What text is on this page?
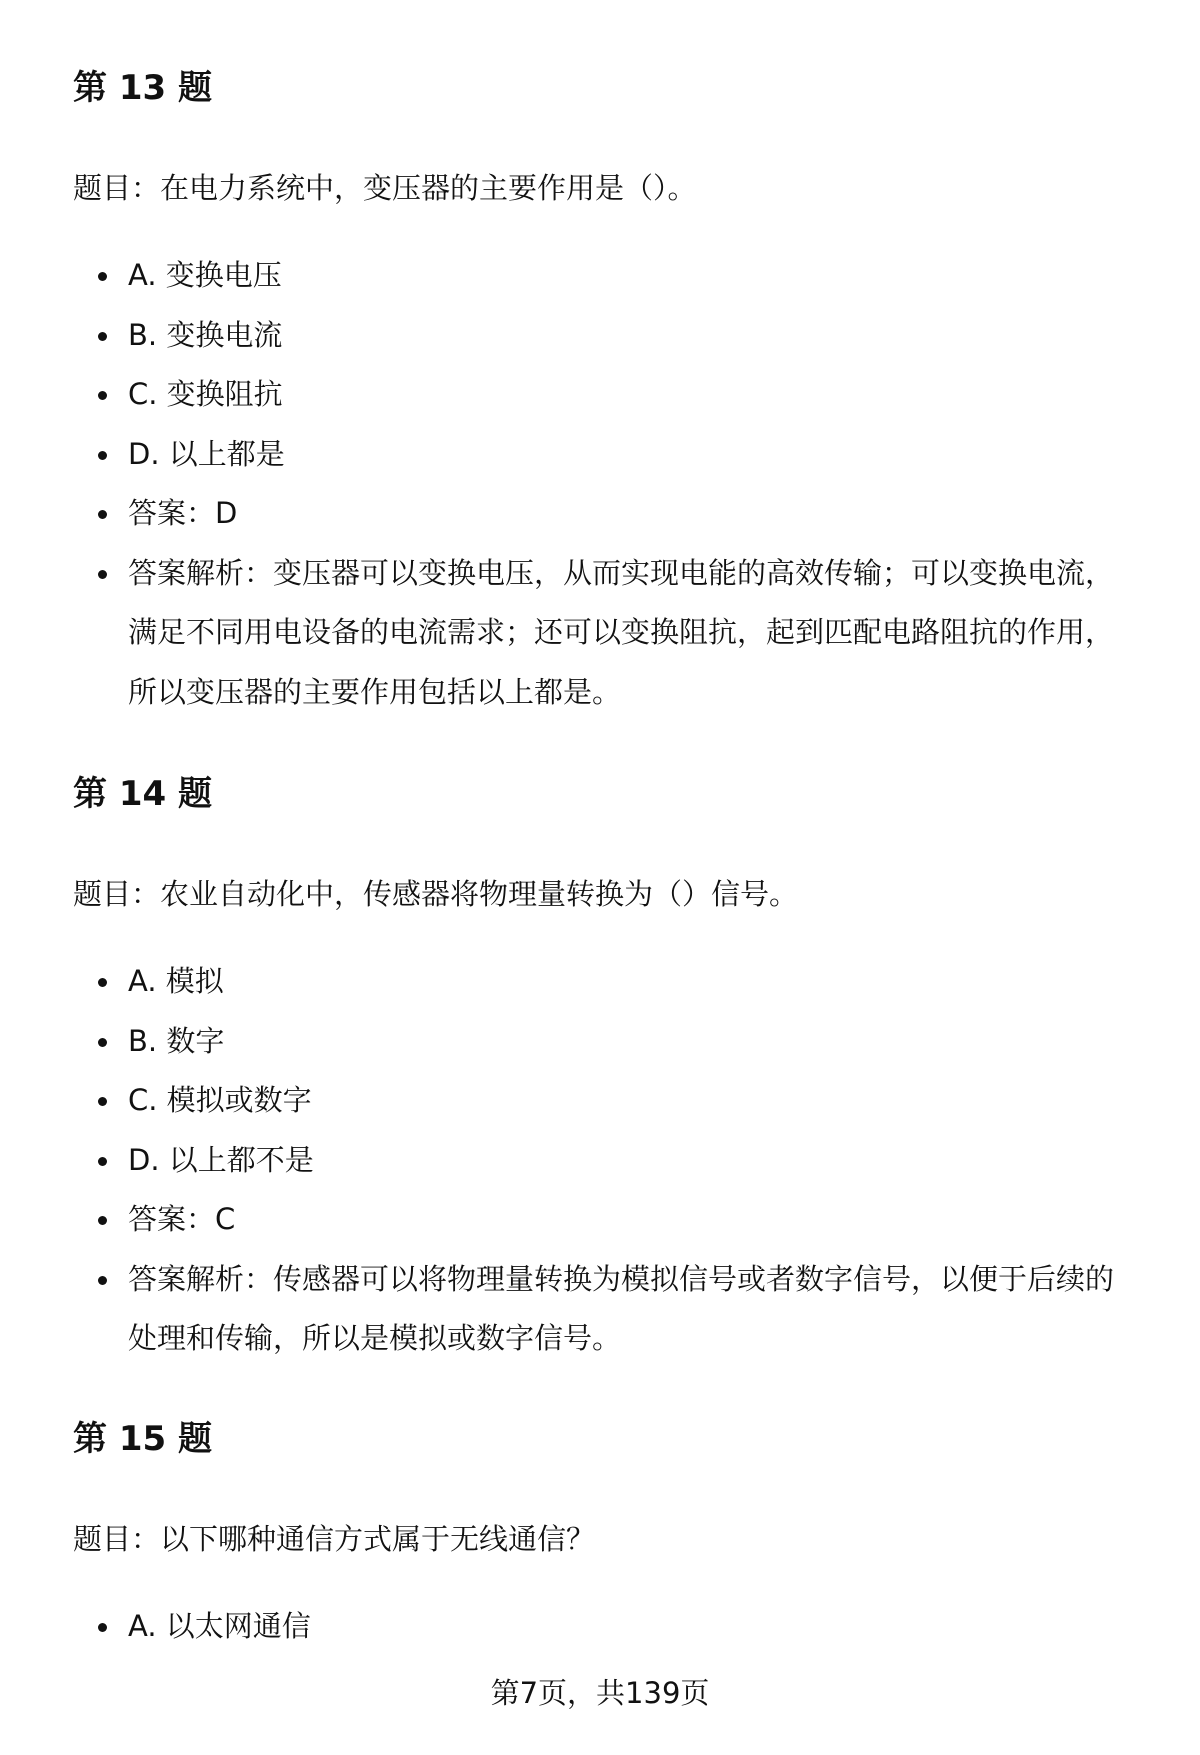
第 13 题

题目：在电力系统中，变压器的主要作用是（）。

A. 变换电压
B. 变换电流
C. 变换阻抗
D. 以上都是
答案：D
答案解析：变压器可以变换电压，从而实现电能的高效传输；可以变换电流，满足不同用电设备的电流需求；还可以变换阻抗，起到匹配电路阻抗的作用，所以变压器的主要作用包括以上都是。
第 14 题

题目：农业自动化中，传感器将物理量转换为（）信号。

A. 模拟
B. 数字
C. 模拟或数字
D. 以上都不是
答案：C
答案解析：传感器可以将物理量转换为模拟信号或者数字信号，以便于后续的处理和传输，所以是模拟或数字信号。
第 15 题

题目：以下哪种通信方式属于无线通信？

A. 以太网通信
第7页，共139页
